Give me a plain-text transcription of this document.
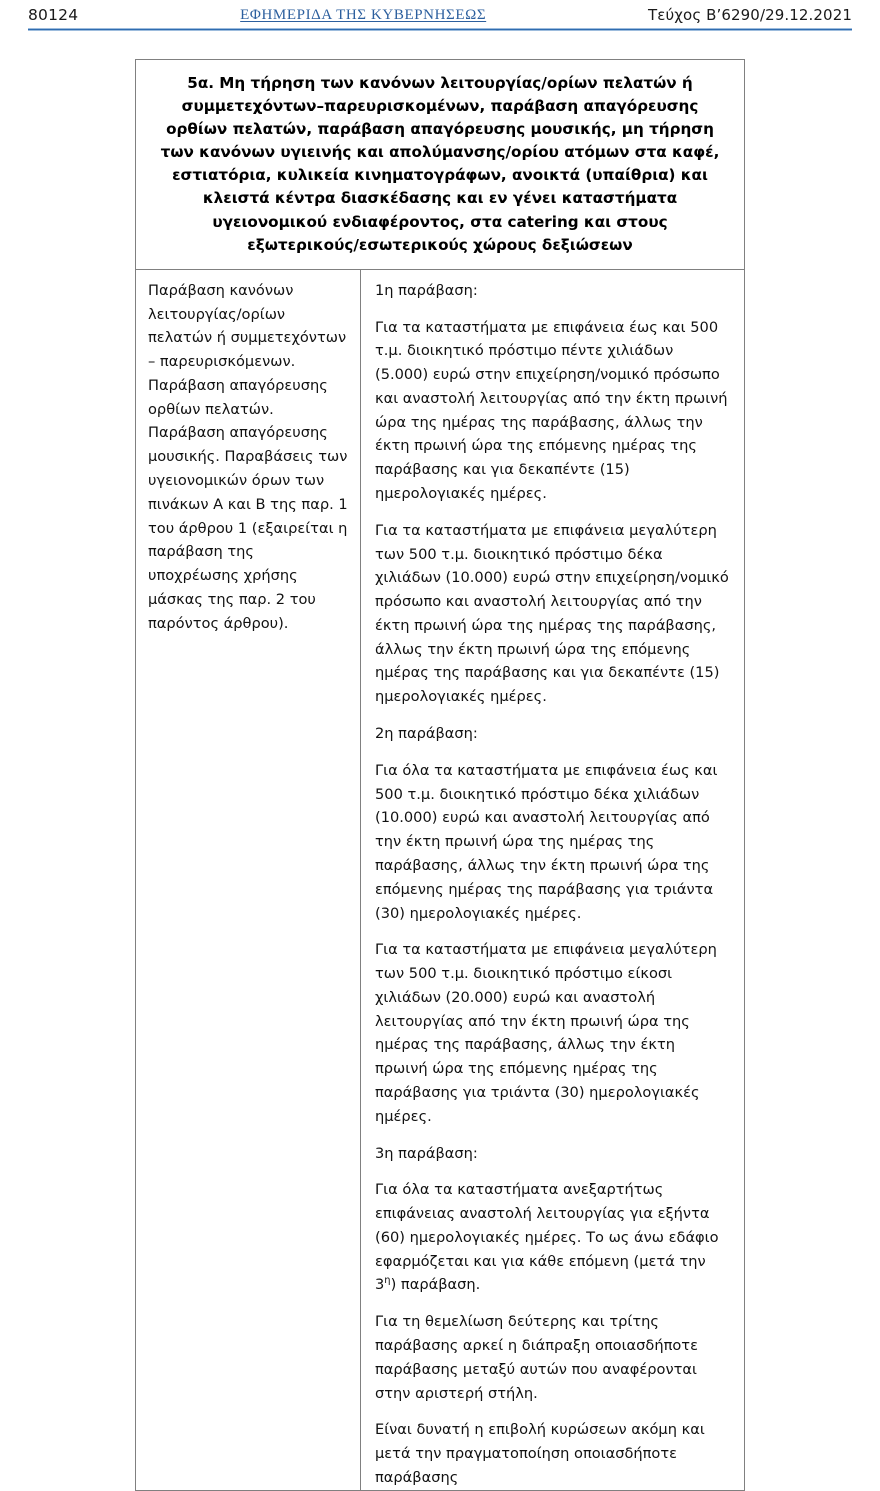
80124	ΕΦΗΜΕΡΙΔΑ ΤΗΣ ΚΥΒΕΡΝΗΣΕΩΣ	Τεύχος Β’6290/29.12.2021
5α. Μη τήρηση των κανόνων λειτουργίας/ορίων πελατών ή συμμετεχόντων–παρευρισκομένων, παράβαση απαγόρευσης ορθίων πελατών, παράβαση απαγόρευσης μουσικής, μη τήρηση των κανόνων υγιεινής και απολύμανσης/ορίου ατόμων στα καφέ, εστιατόρια, κυλικεία κινηματογράφων, ανοικτά (υπαίθρια) και κλειστά κέντρα διασκέδασης και εν γένει καταστήματα υγειονομικού ενδιαφέροντος, στα catering και στους εξωτερικούς/εσωτερικούς χώρους δεξιώσεων

Παράβαση κανόνων λειτουργίας/ορίων πελατών ή συμμετεχόντων – παρευρισκόμενων. Παράβαση απαγόρευσης ορθίων πελατών. Παράβαση απαγόρευσης μουσικής. Παραβάσεις των υγειονομικών όρων των πινάκων Α και Β της παρ. 1 του άρθρου 1 (εξαιρείται η παράβαση της υποχρέωσης χρήσης μάσκας της παρ. 2 του παρόντος άρθρου).

1η παράβαση:

Για τα καταστήματα με επιφάνεια έως και 500 τ.μ. διοικητικό πρόστιμο πέντε χιλιάδων (5.000) ευρώ στην επιχείρηση/νομικό πρόσωπο και αναστολή λειτουργίας από την έκτη πρωινή ώρα της ημέρας της παράβασης, άλλως την έκτη πρωινή ώρα της επόμενης ημέρας της παράβασης και για δεκαπέντε (15) ημερολογιακές ημέρες.

Για τα καταστήματα με επιφάνεια μεγαλύτερη των 500 τ.μ. διοικητικό πρόστιμο δέκα χιλιάδων (10.000) ευρώ στην επιχείρηση/νομικό πρόσωπο και αναστολή λειτουργίας από την έκτη πρωινή ώρα της ημέρας της παράβασης, άλλως την έκτη πρωινή ώρα της επόμενης ημέρας της παράβασης και για δεκαπέντε (15) ημερολογιακές ημέρες.

2η παράβαση:

Για όλα τα καταστήματα με επιφάνεια έως και 500 τ.μ. διοικητικό πρόστιμο δέκα χιλιάδων (10.000) ευρώ και αναστολή λειτουργίας από την έκτη πρωινή ώρα της ημέρας της παράβασης, άλλως την έκτη πρωινή ώρα της επόμενης ημέρας της παράβασης για τριάντα (30) ημερολογιακές ημέρες.

Για τα καταστήματα με επιφάνεια μεγαλύτερη των 500 τ.μ. διοικητικό πρόστιμο είκοσι χιλιάδων (20.000) ευρώ και αναστολή λειτουργίας από την έκτη πρωινή ώρα της ημέρας της παράβασης, άλλως την έκτη πρωινή ώρα της επόμενης ημέρας της παράβασης για τριάντα (30) ημερολογιακές ημέρες.

3η παράβαση:

Για όλα τα καταστήματα ανεξαρτήτως επιφάνειας αναστολή λειτουργίας για εξήντα (60) ημερολογιακές ημέρες. Το ως άνω εδάφιο εφαρμόζεται και για κάθε επόμενη (μετά την $3^\eta$) παράβαση.

Για τη θεμελίωση δεύτερης και τρίτης παράβασης αρκεί η διάπραξη οποιασδήποτε παράβασης μεταξύ αυτών που αναφέρονται στην αριστερή στήλη.

Είναι δυνατή η επιβολή κυρώσεων ακόμη και μετά την πραγματοποίηση οποιασδήποτε παράβασης
